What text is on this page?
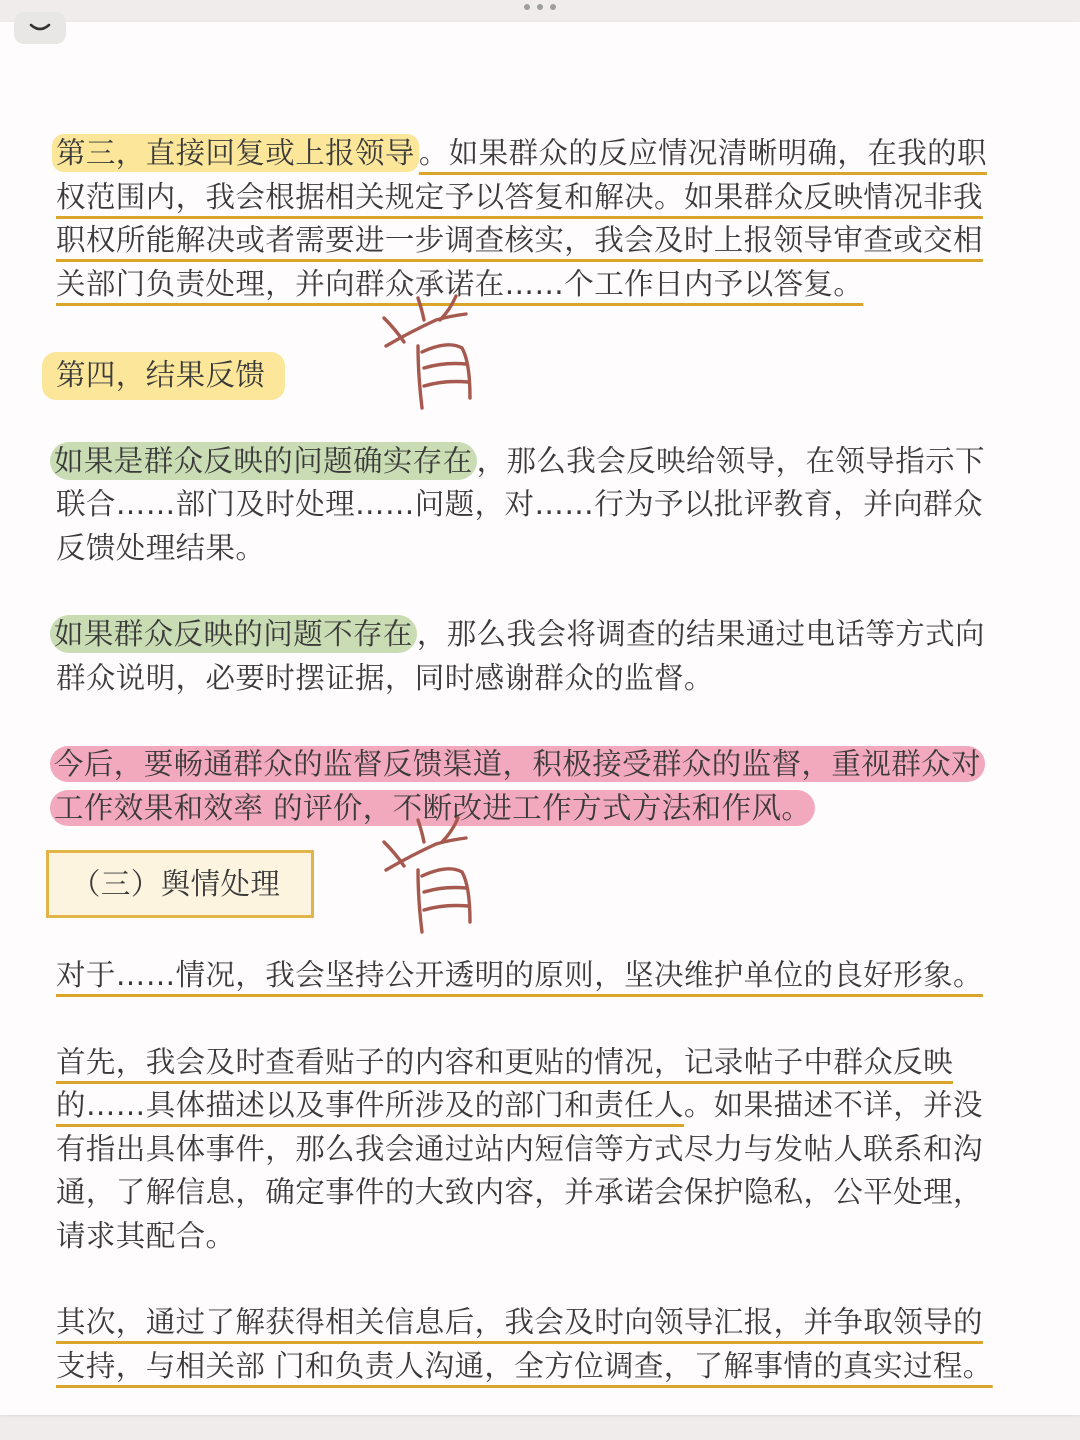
第三，直接回复或上报领导 。如果群众的反应情况清晰明确，在我的职
权范围内，我会根据相关规定予以答复和解决。如果群众反映情况非我
职权所能解决或者需要进一步调查核实，我会及时上报领导审查或交相
关部门负责处理，并向群众承诺在……个工作日内予以答复。

第四，结果反馈

如果是群众反映的问题确实存在 ，那么我会反映给领导，在领导指示下
联合……部门及时处理……问题，对……行为予以批评教育，并向群众
反馈处理结果。

如果群众反映的问题不存在 ，那么我会将调查的结果通过电话等方式向
群众说明，必要时摆证据，同时感谢群众的监督。

今后，要畅通群众的监督反馈渠道，积极接受群众的监督，重视群众对
工作效果和效率 的评价，不断改进工作方式方法和作风。

（三）舆情处理

对于……情况，我会坚持公开透明的原则，坚决维护单位的良好形象。

首先，我会及时查看贴子的内容和更贴的情况，记录帖子中群众反映
的……具体描述以及事件所涉及的部门和责任人。如果描述不详，并没
有指出具体事件，那么我会通过站内短信等方式尽力与发帖人联系和沟
通，了解信息，确定事件的大致内容，并承诺会保护隐私，公平处理，
请求其配合。

其次，通过了解获得相关信息后，我会及时向领导汇报，并争取领导的
支持，与相关部 门和负责人沟通，全方位调查，了解事情的真实过程。
